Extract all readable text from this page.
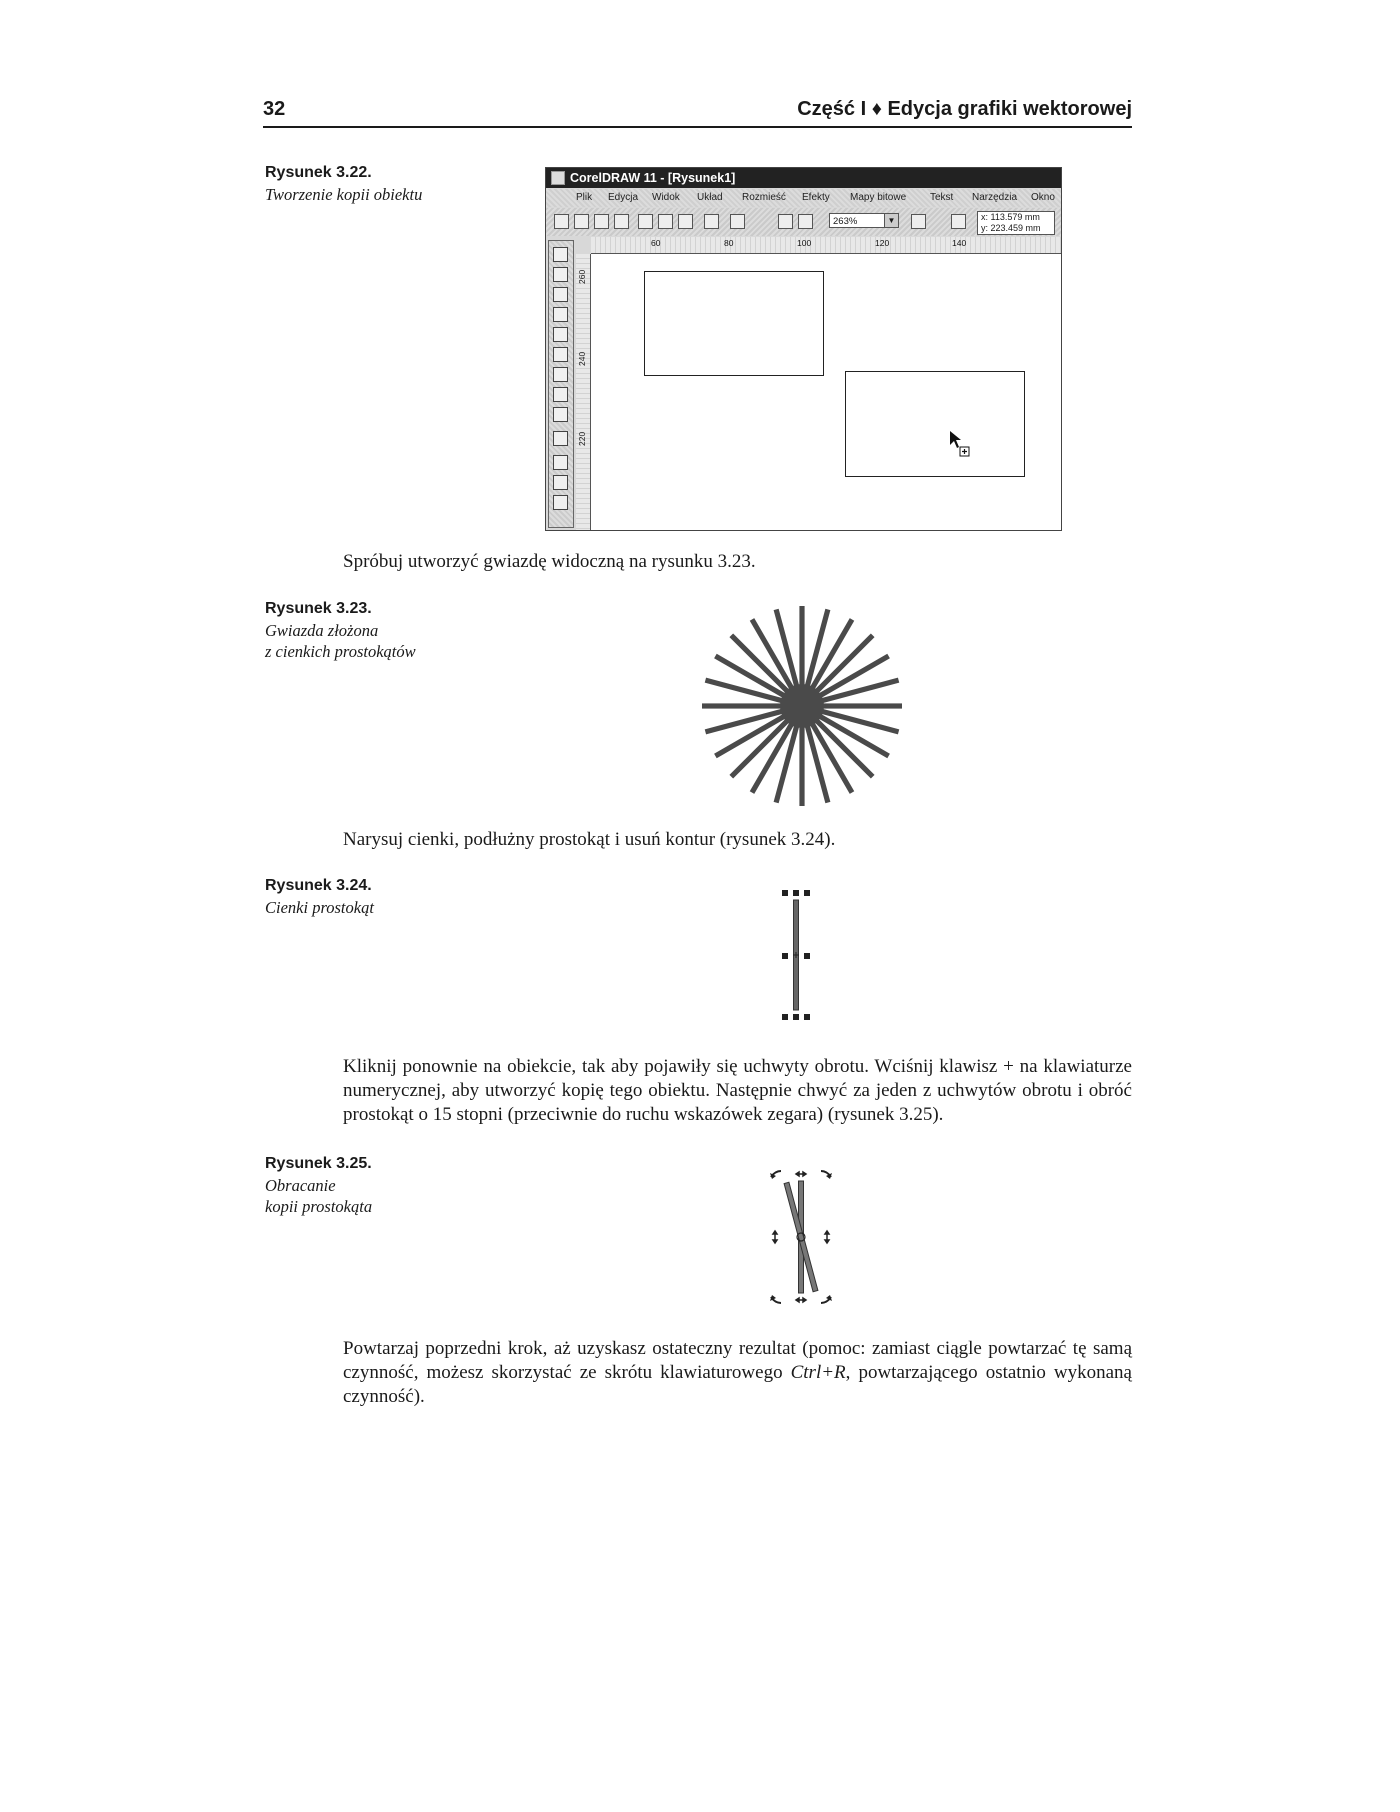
32	Część I ♦ Edycja grafiki wektorowej
Rysunek 3.22.
Tworzenie kopii obiektu
CorelDRAW 11 - [Rysunek1]
Plik Edycja Widok Układ Rozmieść Efekty Mapy bitowe Tekst Narzędzia Okno
263%	▼	x: 113.579 mm
y: 223.459 mm
60	80	100	120	140
260
240
220
Spróbuj utworzyć gwiazdę widoczną na rysunku 3.23.
Rysunek 3.23.
Gwiazda złożona
z cienkich prostokątów
Narysuj cienki, podłużny prostokąt i usuń kontur (rysunek 3.24).
Rysunek 3.24.
Cienki prostokąt
Kliknij ponownie na obiekcie, tak aby pojawiły się uchwyty obrotu. Wciśnij klawisz + na klawiaturze numerycznej, aby utworzyć kopię tego obiektu. Następnie chwyć za jeden z uchwytów obrotu i obróć prostokąt o 15 stopni (przeciwnie do ruchu wskazówek zegara) (rysunek 3.25).
Rysunek 3.25.
Obracanie
kopii prostokąta
Powtarzaj poprzedni krok, aż uzyskasz ostateczny rezultat (pomoc: zamiast ciągle powtarzać tę samą czynność, możesz skorzystać ze skrótu klawiaturowego Ctrl+R, powtarzającego ostatnio wykonaną czynność).
